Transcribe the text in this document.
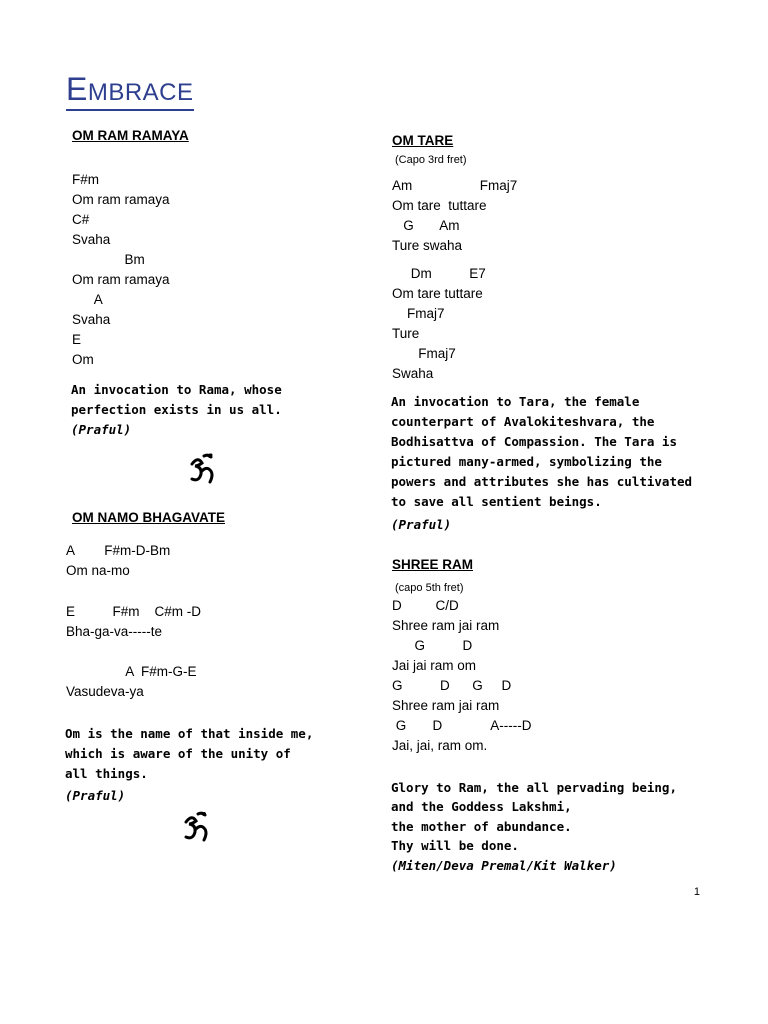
EMBRACE
OM RAM RAMAYA
F#m
Om ram ramaya
C#
Svaha
Bm
Om ram ramaya
A
Svaha
E
Om
An invocation to Rama, whose
perfection exists in us all.
(Praful)
OM NAMO BHAGAVATE
A        F#m-D-Bm
Om na-mo
E          F#m    C#m -D
Bha-ga-va-----te
A  F#m-G-E
Vasudeva-ya
Om is the name of that inside me,
which is aware of the unity of
all things.
(Praful)
OM TARE
(Capo 3rd fret)
Am                  Fmaj7
Om tare  tuttare
G       Am
Ture swaha
Dm          E7
Om tare tuttare
Fmaj7
Ture
Fmaj7
Swaha
An invocation to Tara, the female
counterpart of Avalokiteshvara, the
Bodhisattva of Compassion. The Tara is
pictured many-armed, symbolizing the
powers and attributes she has cultivated
to save all sentient beings.
(Praful)
SHREE RAM
(capo 5th fret)
D         C/D
Shree ram jai ram
G          D
Jai jai ram om
G          D      G     D
Shree ram jai ram
G       D             A-----D
Jai, jai, ram om.
Glory to Ram, the all pervading being,
and the Goddess Lakshmi,
the mother of abundance.
Thy will be done.
(Miten/Deva Premal/Kit Walker)
1
